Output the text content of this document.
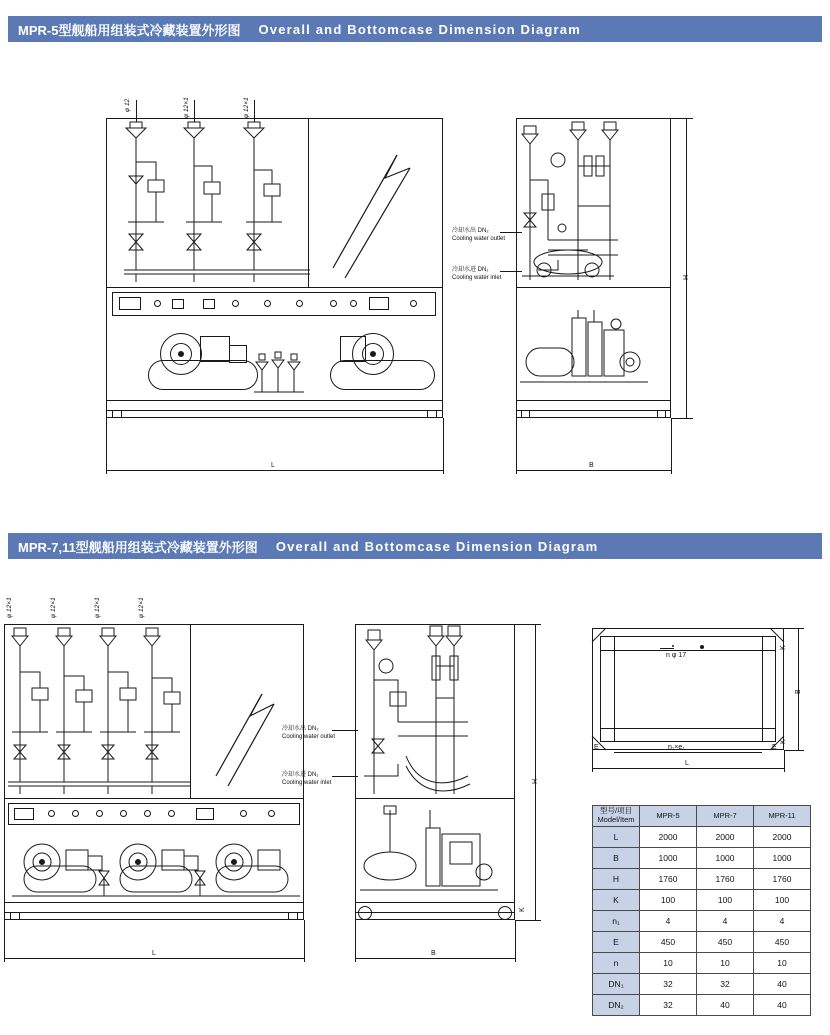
MPR-5型舰船用组装式冷藏装置外形图 Overall and Bottomcase Dimension Diagram
φ 12	φ 12×1	φ 12×1
L
冷却水出 DN₂
Cooling water outlet
冷却水进 DN₁
Cooling water inlet
B
H
MPR-7,11型舰船用组装式冷藏装置外形图 Overall and Bottomcase Dimension Diagram
φ 12×1	φ 12×1	φ 12×1	φ 12×1
L
冷却水出 DN₂
Cooling water outlet
冷却水进 DN₁
Cooling water inlet
B
H
K
n φ 17
L
n₁×e₁
E	E
B
K
K
型号/项目
Model/Item	MPR-5	MPR-7	MPR-11
L	2000	2000	2000
B	1000	1000	1000
H	1760	1760	1760
K	100	100	100
n₁	4	4	4
E	450	450	450
n	10	10	10
DN₁	32	32	40
DN₂	32	40	40
